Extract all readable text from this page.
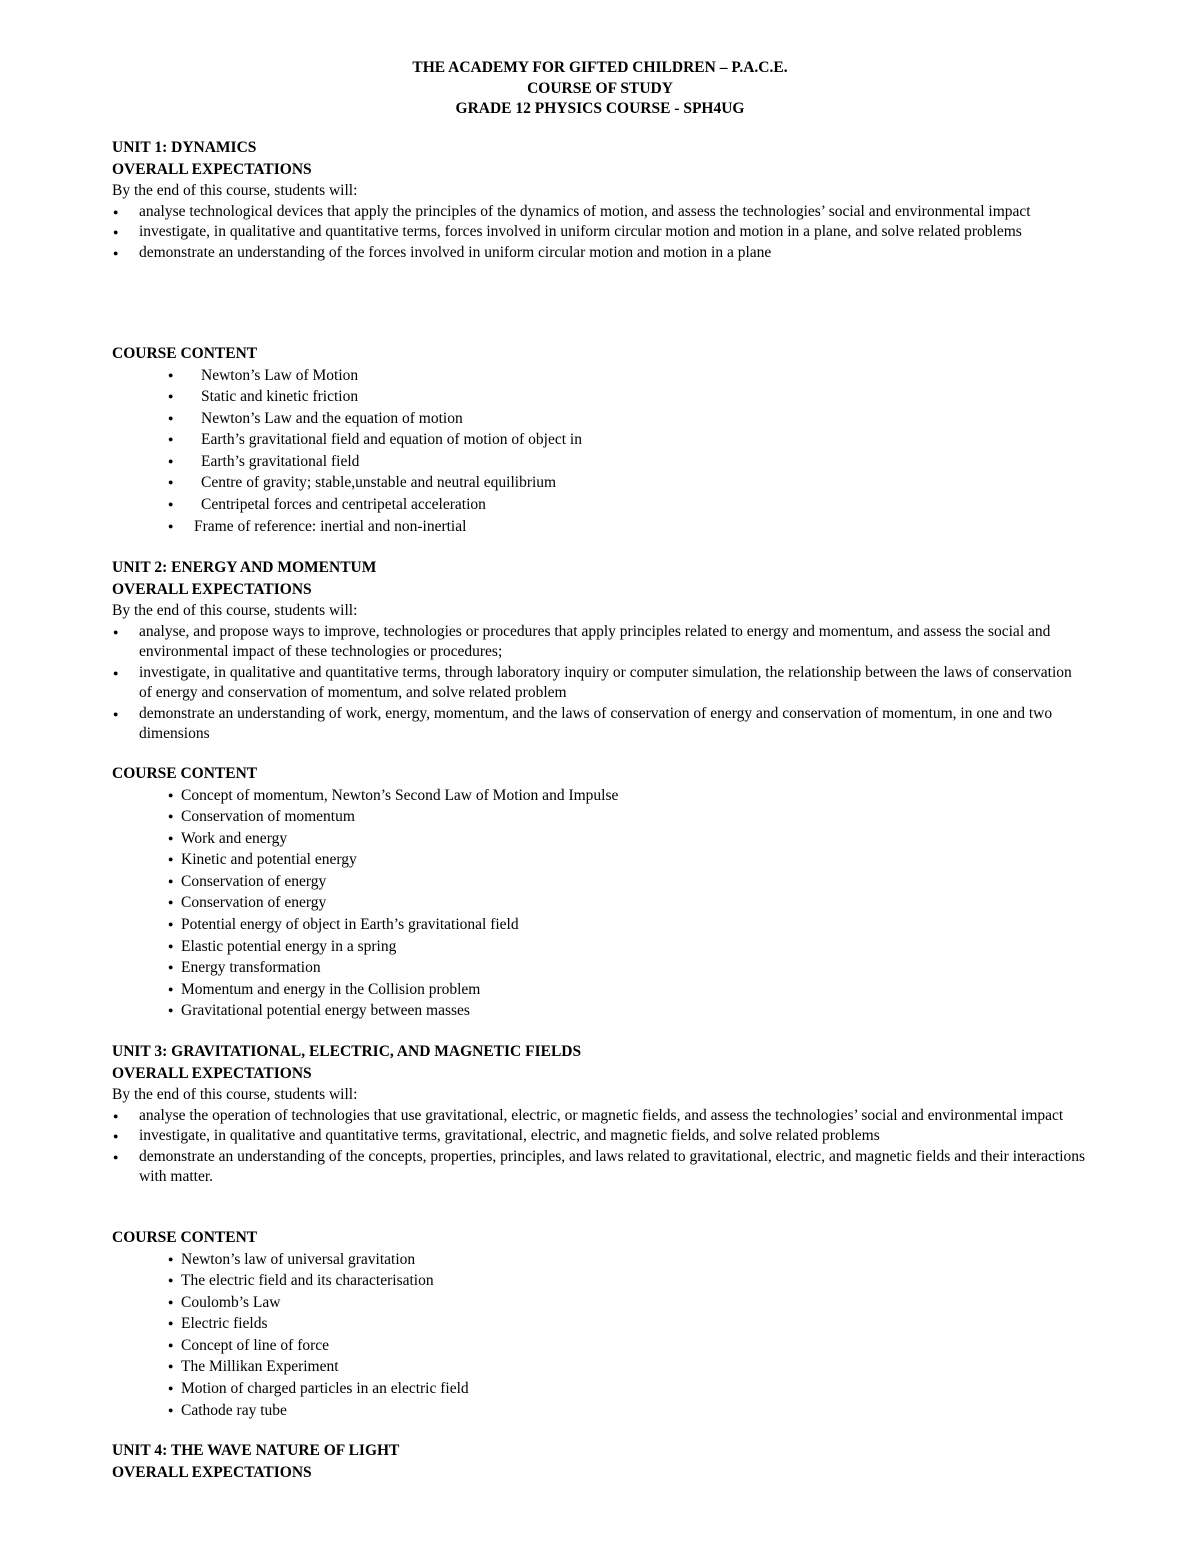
THE ACADEMY FOR GIFTED CHILDREN – P.A.C.E.
COURSE OF STUDY
GRADE 12 PHYSICS COURSE - SPH4UG
UNIT 1: DYNAMICS
OVERALL EXPECTATIONS
By the end of this course, students will:
● analyse technological devices that apply the principles of the dynamics of motion, and assess the technologies’ social and environmental impact
● investigate, in qualitative and quantitative terms, forces involved in uniform circular motion and motion in a plane, and solve related problems
● demonstrate an understanding of the forces involved in uniform circular motion and motion in a plane
COURSE CONTENT
● Newton’s Law of Motion
● Static and kinetic friction
● Newton’s Law and the equation of motion
● Earth’s gravitational field and equation of motion of object in
● Earth’s gravitational field
● Centre of gravity; stable,unstable and neutral equilibrium
● Centripetal forces and centripetal acceleration
● Frame of reference: inertial and non-inertial
UNIT 2: ENERGY AND MOMENTUM
OVERALL EXPECTATIONS
By the end of this course, students will:
● analyse, and propose ways to improve, technologies or procedures that apply principles related to energy and momentum, and assess the social and environmental impact of these technologies or procedures;
● investigate, in qualitative and quantitative terms, through laboratory inquiry or computer simulation, the relationship between the laws of conservation of energy and conservation of momentum, and solve related problem
● demonstrate an understanding of work, energy, momentum, and the laws of conservation of energy and conservation of momentum, in one and two dimensions
COURSE CONTENT
● Concept of momentum, Newton’s Second Law of Motion and Impulse
● Conservation of momentum
● Work and energy
● Kinetic and potential energy
● Conservation of energy
● Conservation of energy
● Potential energy of object in Earth’s gravitational field
● Elastic potential energy in a spring
● Energy transformation
● Momentum and energy in the Collision problem
● Gravitational potential energy between masses
UNIT 3: GRAVITATIONAL, ELECTRIC, AND MAGNETIC FIELDS
OVERALL EXPECTATIONS
By the end of this course, students will:
● analyse the operation of technologies that use gravitational, electric, or magnetic fields, and assess the technologies’ social and environmental impact
● investigate, in qualitative and quantitative terms, gravitational, electric, and magnetic fields, and solve related problems
● demonstrate an understanding of the concepts, properties, principles, and laws related to gravitational, electric, and magnetic fields and their interactions with matter.
COURSE CONTENT
● Newton’s law of universal gravitation
● The electric field and its characterisation
● Coulomb’s Law
● Electric fields
● Concept of line of force
● The Millikan Experiment
● Motion of charged particles in an electric field
● Cathode ray tube
UNIT 4: THE WAVE NATURE OF LIGHT
OVERALL EXPECTATIONS
